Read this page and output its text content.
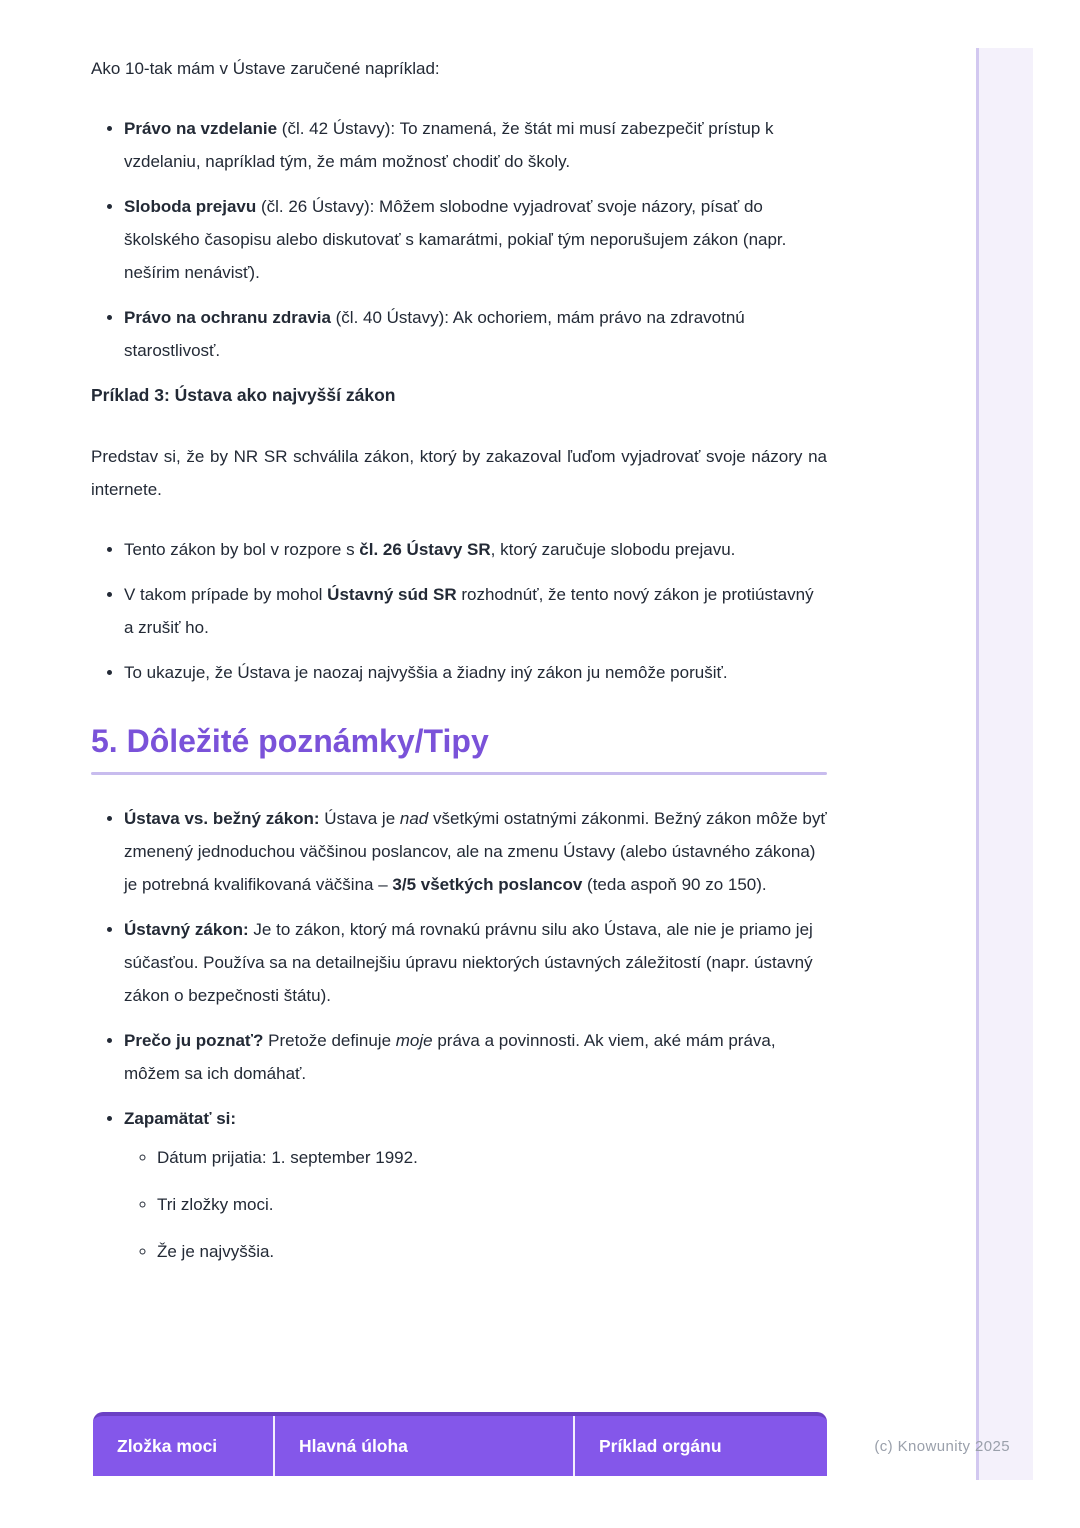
Ako 10-tak mám v Ústave zaručené napríklad:

• Právo na vzdelanie (čl. 42 Ústavy): To znamená, že štát mi musí zabezpečiť prístup k vzdelaniu, napríklad tým, že mám možnosť chodiť do školy.
• Sloboda prejavu (čl. 26 Ústavy): Môžem slobodne vyjadrovať svoje názory, písať do školského časopisu alebo diskutovať s kamarátmi, pokiaľ tým neporušujem zákon (napr. nešírim nenávisť).
• Právo na ochranu zdravia (čl. 40 Ústavy): Ak ochoriem, mám právo na zdravotnú starostlivosť.
Príklad 3: Ústava ako najvyšší zákon

Predstav si, že by NR SR schválila zákon, ktorý by zakazoval ľuďom vyjadrovať svoje názory na internete.

• Tento zákon by bol v rozpore s čl. 26 Ústavy SR, ktorý zaručuje slobodu prejavu.
• V takom prípade by mohol Ústavný súd SR rozhodnúť, že tento nový zákon je protiústavný a zrušiť ho.
• To ukazuje, že Ústava je naozaj najvyššia a žiadny iný zákon ju nemôže porušiť.
5. Dôležité poznámky/Tipy
• Ústava vs. bežný zákon: Ústava je nad všetkými ostatnými zákonmi. Bežný zákon môže byť zmenený jednoduchou väčšinou poslancov, ale na zmenu Ústavy (alebo ústavného zákona) je potrebná kvalifikovaná väčšina – 3/5 všetkých poslancov (teda aspoň 90 zo 150).
• Ústavný zákon: Je to zákon, ktorý má rovnakú právnu silu ako Ústava, ale nie je priamo jej súčasťou. Používa sa na detailnejšiu úpravu niektorých ústavných záležitostí (napr. ústavný zákon o bezpečnosti štátu).
• Prečo ju poznať? Pretože definuje moje práva a povinnosti. Ak viem, aké mám práva, môžem sa ich domáhať.
• Zapamätať si:
◦ Dátum prijatia: 1. september 1992.
◦ Tri zložky moci.
◦ Že je najvyššia.
Zložka moci	Hlavná úloha	Príklad orgánu	(c) Knowunity 2025
